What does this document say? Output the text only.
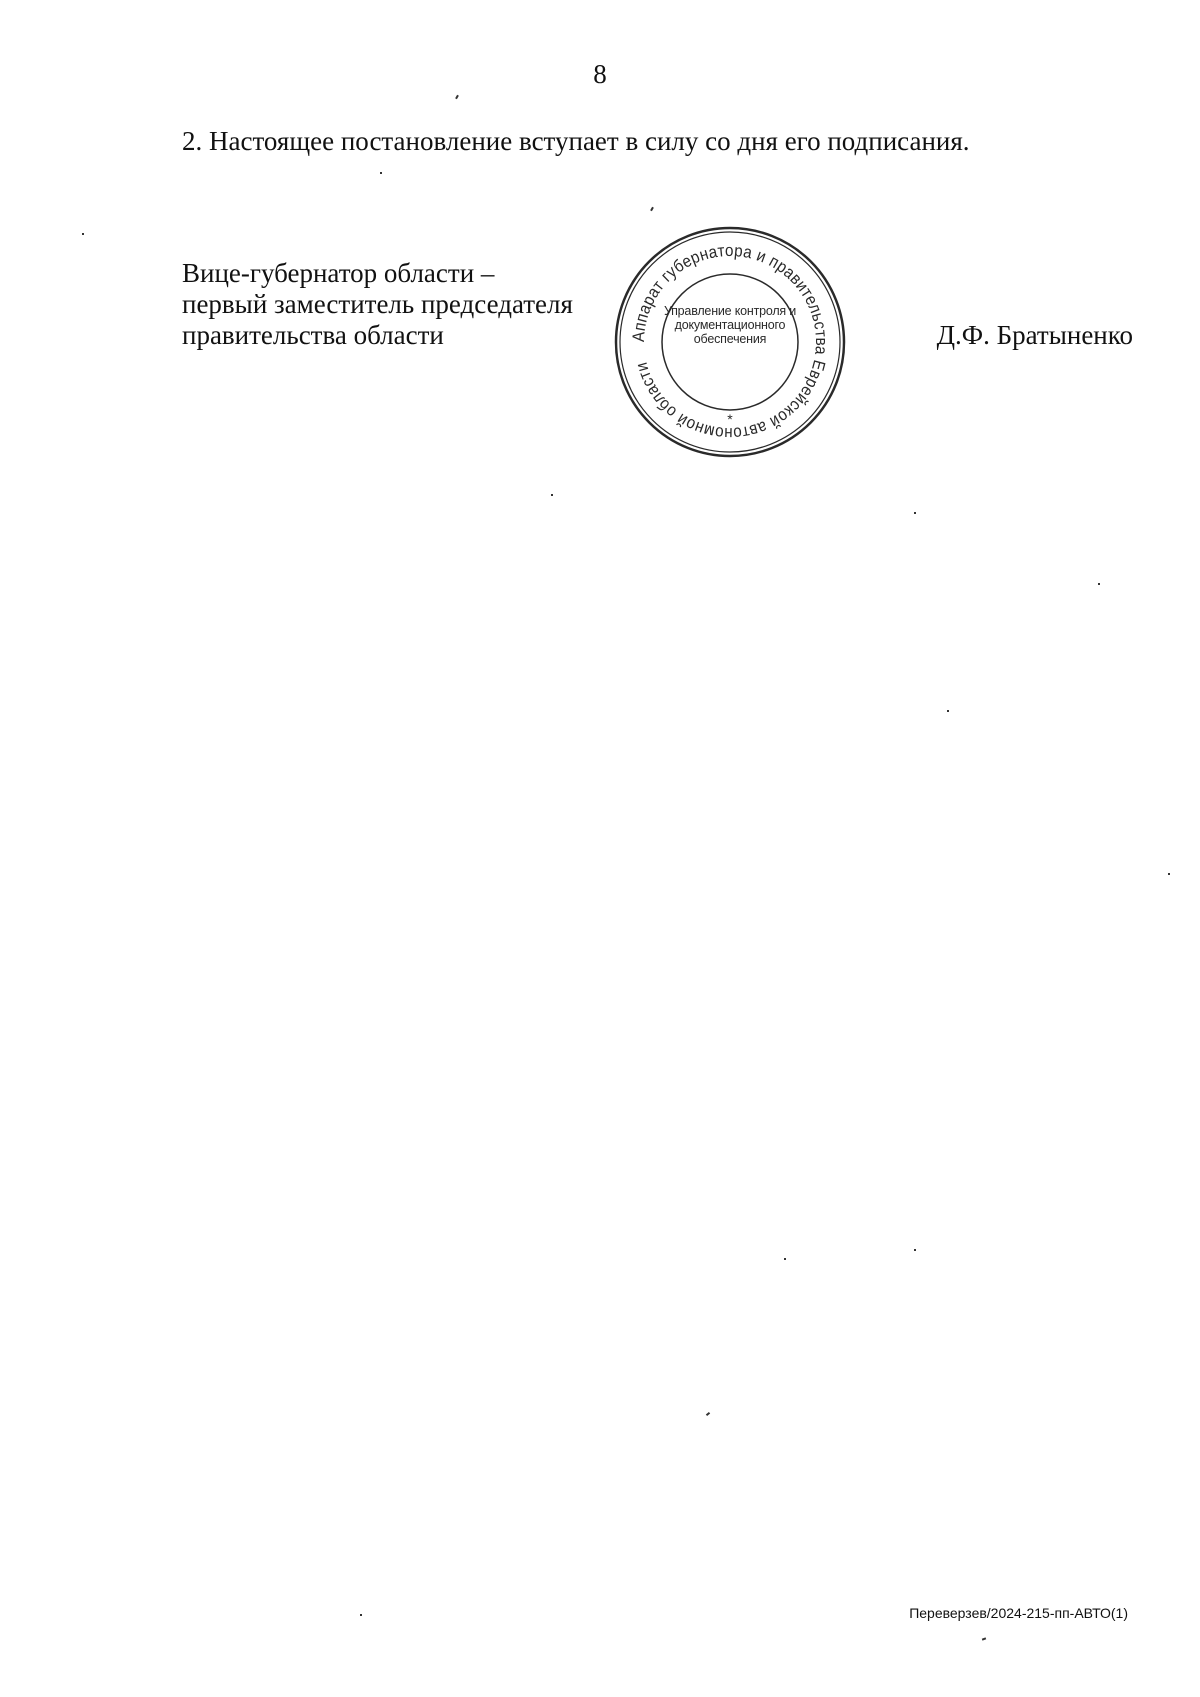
8
2. Настоящее постановление вступает в силу со дня его подписания.
Вице-губернатор области –
первый заместитель председателя
правительства области	Аппарат губернатора и правительства Еврейской автономной области
*
Управление контроля и
документационного
обеспечения	Д.Ф. Братыненко
Переверзев/2024-215-пп-АВТО(1)
